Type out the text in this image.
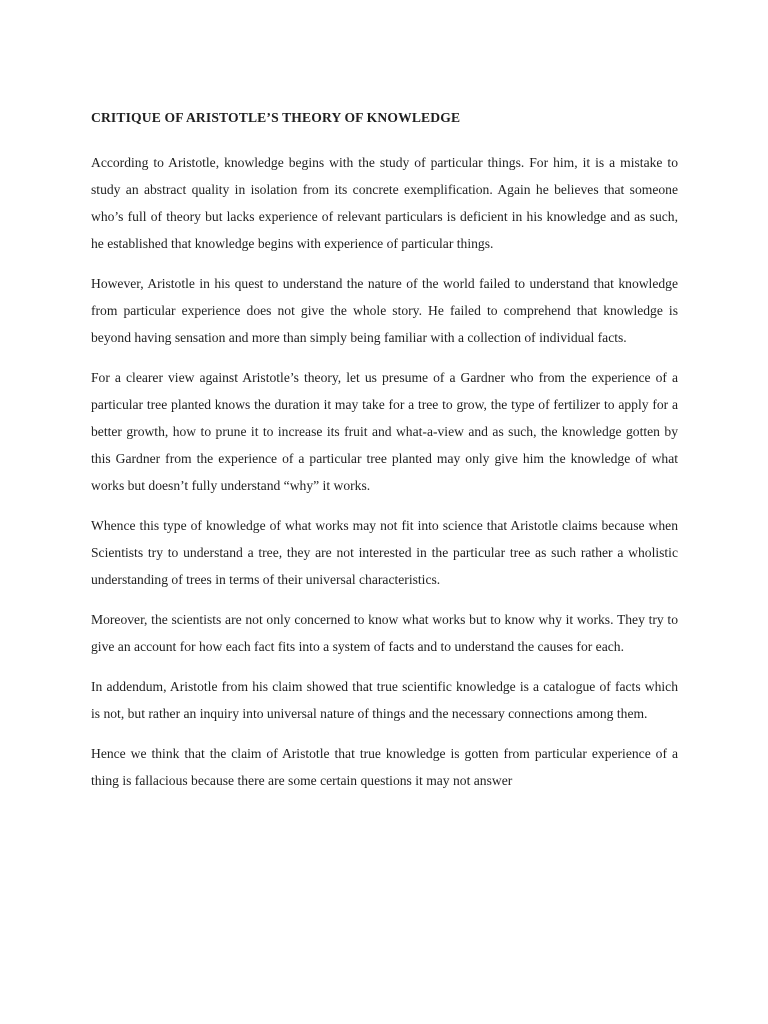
CRITIQUE OF ARISTOTLE’S THEORY OF KNOWLEDGE

According to Aristotle, knowledge begins with the study of particular things. For him, it is a mistake to study an abstract quality in isolation from its concrete exemplification. Again he believes that someone who’s full of theory but lacks experience of relevant particulars is deficient in his knowledge and as such, he established that knowledge begins with experience of particular things.

However, Aristotle in his quest to understand the nature of the world failed to understand that knowledge from particular experience does not give the whole story. He failed to comprehend that knowledge is beyond having sensation and more than simply being familiar with a collection of individual facts.

For a clearer view against Aristotle’s theory, let us presume of a Gardner who from the experience of a particular tree planted knows the duration it may take for a tree to grow, the type of fertilizer to apply for a better growth, how to prune it to increase its fruit and what-a-view and as such, the knowledge gotten by this Gardner from the experience of a particular tree planted may only give him the knowledge of what works but doesn’t fully understand “why” it works.

Whence this type of knowledge of what works may not fit into science that Aristotle claims because when Scientists try to understand a tree, they are not interested in the particular tree as such rather a wholistic understanding of trees in terms of their universal characteristics.

Moreover, the scientists are not only concerned to know what works but to know why it works. They try to give an account for how each fact fits into a system of facts and to understand the causes for each.

In addendum, Aristotle from his claim showed that true scientific knowledge is a catalogue of facts which is not, but rather an inquiry into universal nature of things and the necessary connections among them.

Hence we think that the claim of Aristotle that true knowledge is gotten from particular experience of a thing is fallacious because there are some certain questions it may not answer
